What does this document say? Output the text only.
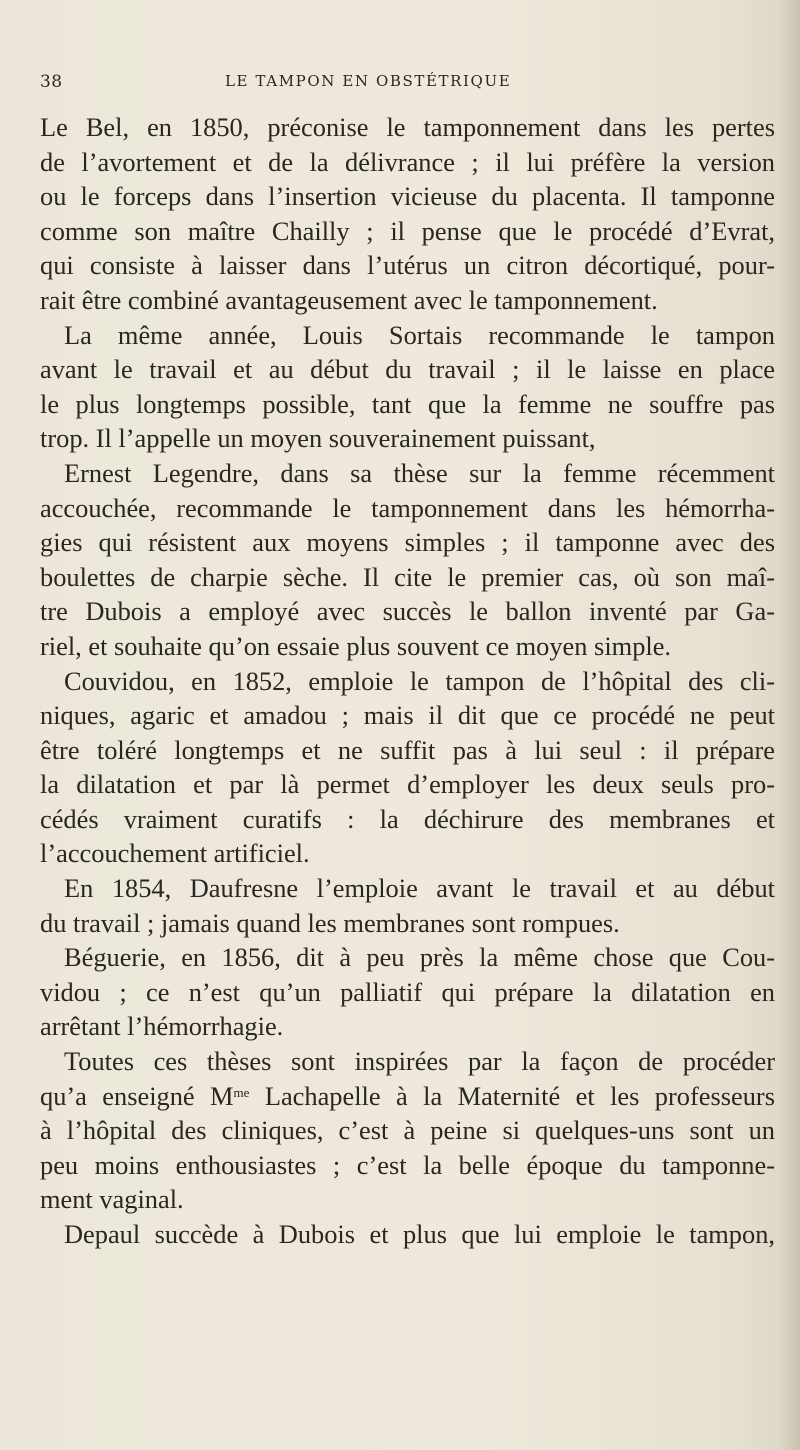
38	LE TAMPON EN OBSTÉTRIQUE
Le Bel, en 1850, préconise le tamponnement dans les pertes
de l’avortement et de la délivrance ; il lui préfère la version
ou le forceps dans l’insertion vicieuse du placenta. Il tamponne
comme son maître Chailly ; il pense que le procédé d’Evrat,
qui consiste à laisser dans l’utérus un citron décortiqué, pour-
rait être combiné avantageusement avec le tamponnement.
La même année, Louis Sortais recommande le tampon
avant le travail et au début du travail ; il le laisse en place
le plus longtemps possible, tant que la femme ne souffre pas
trop. Il l’appelle un moyen souverainement puissant,
Ernest Legendre, dans sa thèse sur la femme récemment
accouchée, recommande le tamponnement dans les hémorrha-
gies qui résistent aux moyens simples ; il tamponne avec des
boulettes de charpie sèche. Il cite le premier cas, où son maî-
tre Dubois a employé avec succès le ballon inventé par Ga-
riel, et souhaite qu’on essaie plus souvent ce moyen simple.
Couvidou, en 1852, emploie le tampon de l’hôpital des cli-
niques, agaric et amadou ; mais il dit que ce procédé ne peut
être toléré longtemps et ne suffit pas à lui seul : il prépare
la dilatation et par là permet d’employer les deux seuls pro-
cédés vraiment curatifs : la déchirure des membranes et
l’accouchement artificiel.
En 1854, Daufresne l’emploie avant le travail et au début
du travail ; jamais quand les membranes sont rompues.
Béguerie, en 1856, dit à peu près la même chose que Cou-
vidou ; ce n’est qu’un palliatif qui prépare la dilatation en
arrêtant l’hémorrhagie.
Toutes ces thèses sont inspirées par la façon de procéder
qu’a enseigné $M^{me}$ Lachapelle à la Maternité et les professeurs
à l’hôpital des cliniques, c’est à peine si quelques-uns sont un
peu moins enthousiastes ; c’est la belle époque du tamponne-
ment vaginal.
Depaul succède à Dubois et plus que lui emploie le tampon,
